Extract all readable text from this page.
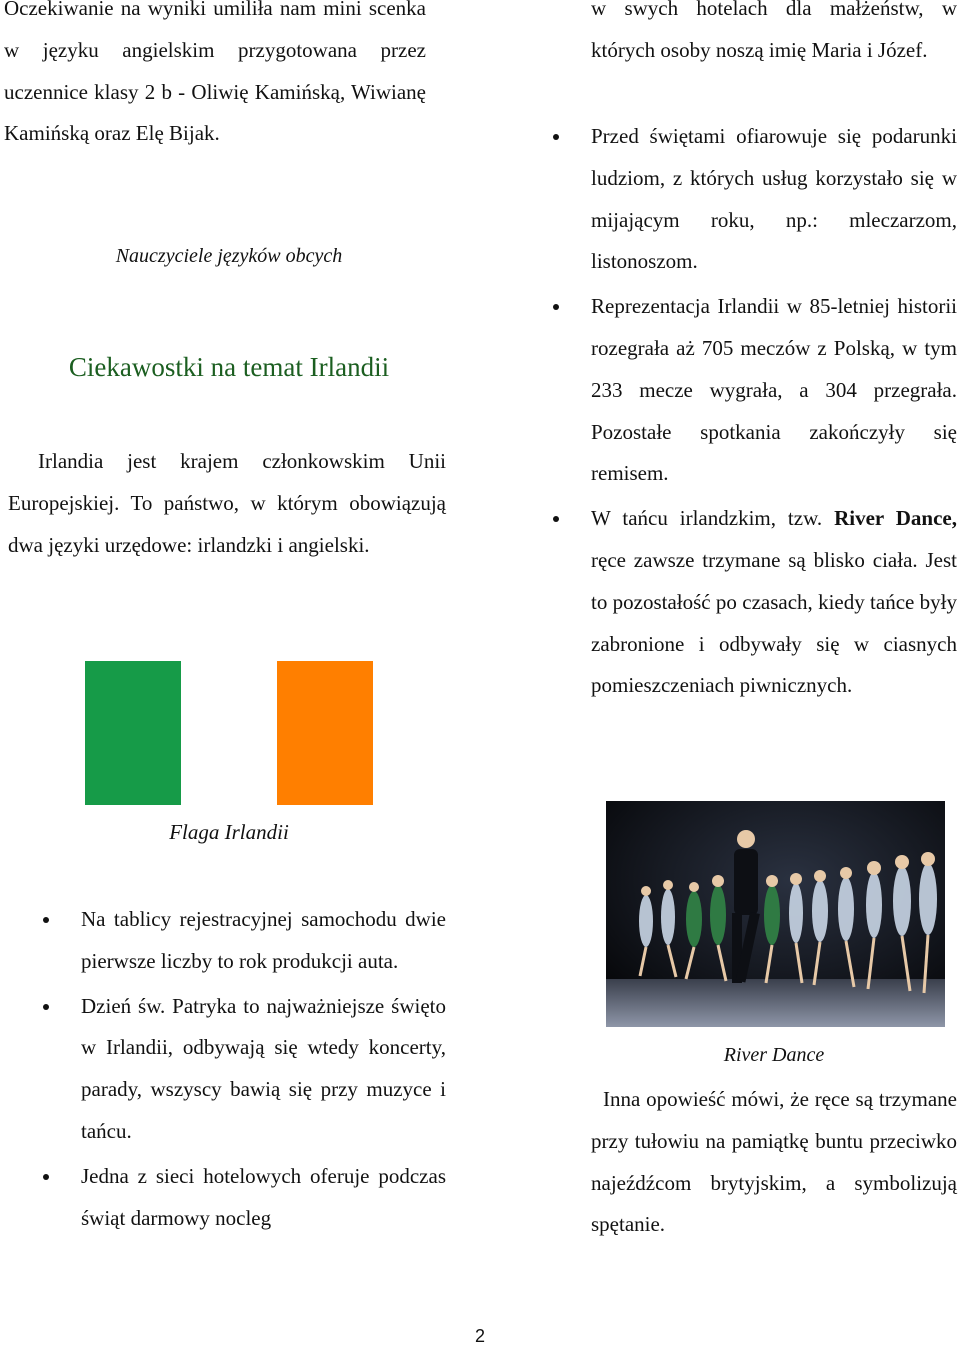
Oczekiwanie na wyniki umiliła nam mini scenka w języku angielskim przygotowana przez uczennice klasy 2 b - Oliwię Kamińską, Wiwianę Kamińską oraz Elę Bijak.

Nauczyciele języków obcych

Ciekawostki na temat Irlandii

Irlandia jest krajem członkowskim Unii Europejskiej. To państwo, w którym obowiązują dwa języki urzędowe: irlandzki i angielski.

Flaga Irlandii

Na tablicy rejestracyjnej samochodu dwie pierwsze liczby to rok produkcji auta.
Dzień św. Patryka to najważniejsze święto w Irlandii, odbywają się wtedy koncerty, parady, wszyscy bawią się przy muzyce i tańcu.
Jedna z sieci hotelowych oferuje podczas świąt darmowy nocleg

w swych hotelach dla małżeństw, w których osoby noszą imię Maria i Józef.

Przed świętami ofiarowuje się podarunki ludziom, z których usług korzystało się w mijającym roku, np.: mleczarzom, listonoszom.
Reprezentacja Irlandii w 85-letniej historii rozegrała aż 705 meczów z Polską, w tym 233 mecze wygrała, a 304 przegrała. Pozostałe spotkania zakończyły się remisem.
W tańcu irlandzkim, tzw. River Dance, ręce zawsze trzymane są blisko ciała. Jest to pozostałość po czasach, kiedy tańce były zabronione i odbywały się w ciasnych pomieszczeniach piwnicznych.

River Dance

Inna opowieść mówi, że ręce są trzymane przy tułowiu na pamiątkę buntu przeciwko najeźdźcom brytyjskim, a symbolizują spętanie.

2
